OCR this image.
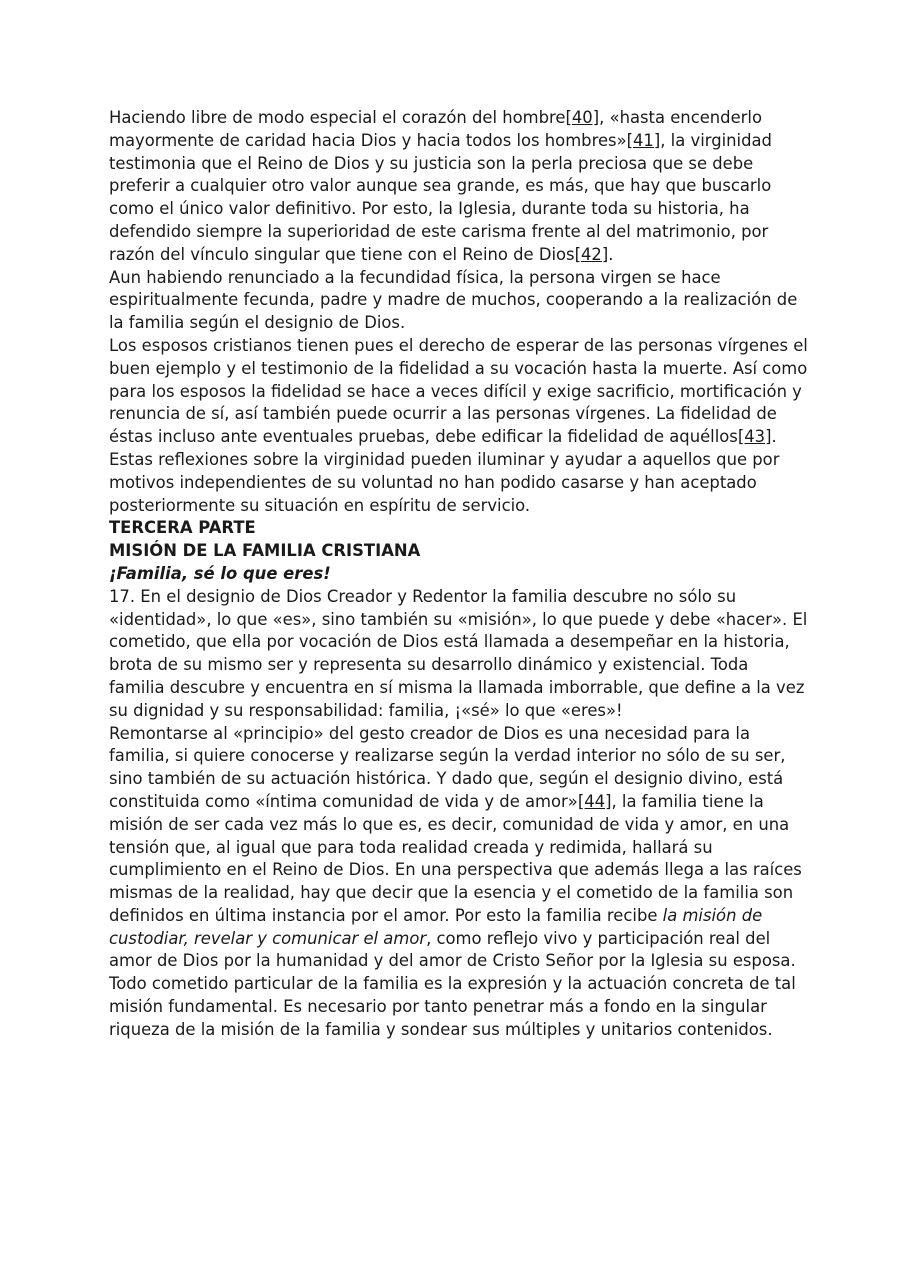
Haciendo libre de modo especial el corazón del hombre[40], «hasta encenderlo mayormente de caridad hacia Dios y hacia todos los hombres»[41], la virginidad testimonia que el Reino de Dios y su justicia son la perla preciosa que se debe preferir a cualquier otro valor aunque sea grande, es más, que hay que buscarlo como el único valor definitivo. Por esto, la Iglesia, durante toda su historia, ha defendido siempre la superioridad de este carisma frente al del matrimonio, por razón del vínculo singular que tiene con el Reino de Dios[42].

Aun habiendo renunciado a la fecundidad física, la persona virgen se hace espiritualmente fecunda, padre y madre de muchos, cooperando a la realización de la familia según el designio de Dios.

Los esposos cristianos tienen pues el derecho de esperar de las personas vírgenes el buen ejemplo y el testimonio de la fidelidad a su vocación hasta la muerte. Así como para los esposos la fidelidad se hace a veces difícil y exige sacrificio, mortificación y renuncia de sí, así también puede ocurrir a las personas vírgenes. La fidelidad de éstas incluso ante eventuales pruebas, debe edificar la fidelidad de aquéllos[43].

Estas reflexiones sobre la virginidad pueden iluminar y ayudar a aquellos que por motivos independientes de su voluntad no han podido casarse y han aceptado posteriormente su situación en espíritu de servicio.

TERCERA PARTE

MISIÓN DE LA FAMILIA CRISTIANA

¡Familia, sé lo que eres!

17. En el designio de Dios Creador y Redentor la familia descubre no sólo su «identidad», lo que «es», sino también su «misión», lo que puede y debe «hacer». El cometido, que ella por vocación de Dios está llamada a desempeñar en la historia, brota de su mismo ser y representa su desarrollo dinámico y existencial. Toda familia descubre y encuentra en sí misma la llamada imborrable, que define a la vez su dignidad y su responsabilidad: familia, ¡«sé» lo que «eres»!

Remontarse al «principio» del gesto creador de Dios es una necesidad para la familia, si quiere conocerse y realizarse según la verdad interior no sólo de su ser, sino también de su actuación histórica. Y dado que, según el designio divino, está constituida como «íntima comunidad de vida y de amor»[44], la familia tiene la misión de ser cada vez más lo que es, es decir, comunidad de vida y amor, en una tensión que, al igual que para toda realidad creada y redimida, hallará su cumplimiento en el Reino de Dios. En una perspectiva que además llega a las raíces mismas de la realidad, hay que decir que la esencia y el cometido de la familia son definidos en última instancia por el amor. Por esto la familia recibe la misión de custodiar, revelar y comunicar el amor, como reflejo vivo y participación real del amor de Dios por la humanidad y del amor de Cristo Señor por la Iglesia su esposa.

Todo cometido particular de la familia es la expresión y la actuación concreta de tal misión fundamental. Es necesario por tanto penetrar más a fondo en la singular riqueza de la misión de la familia y sondear sus múltiples y unitarios contenidos.
